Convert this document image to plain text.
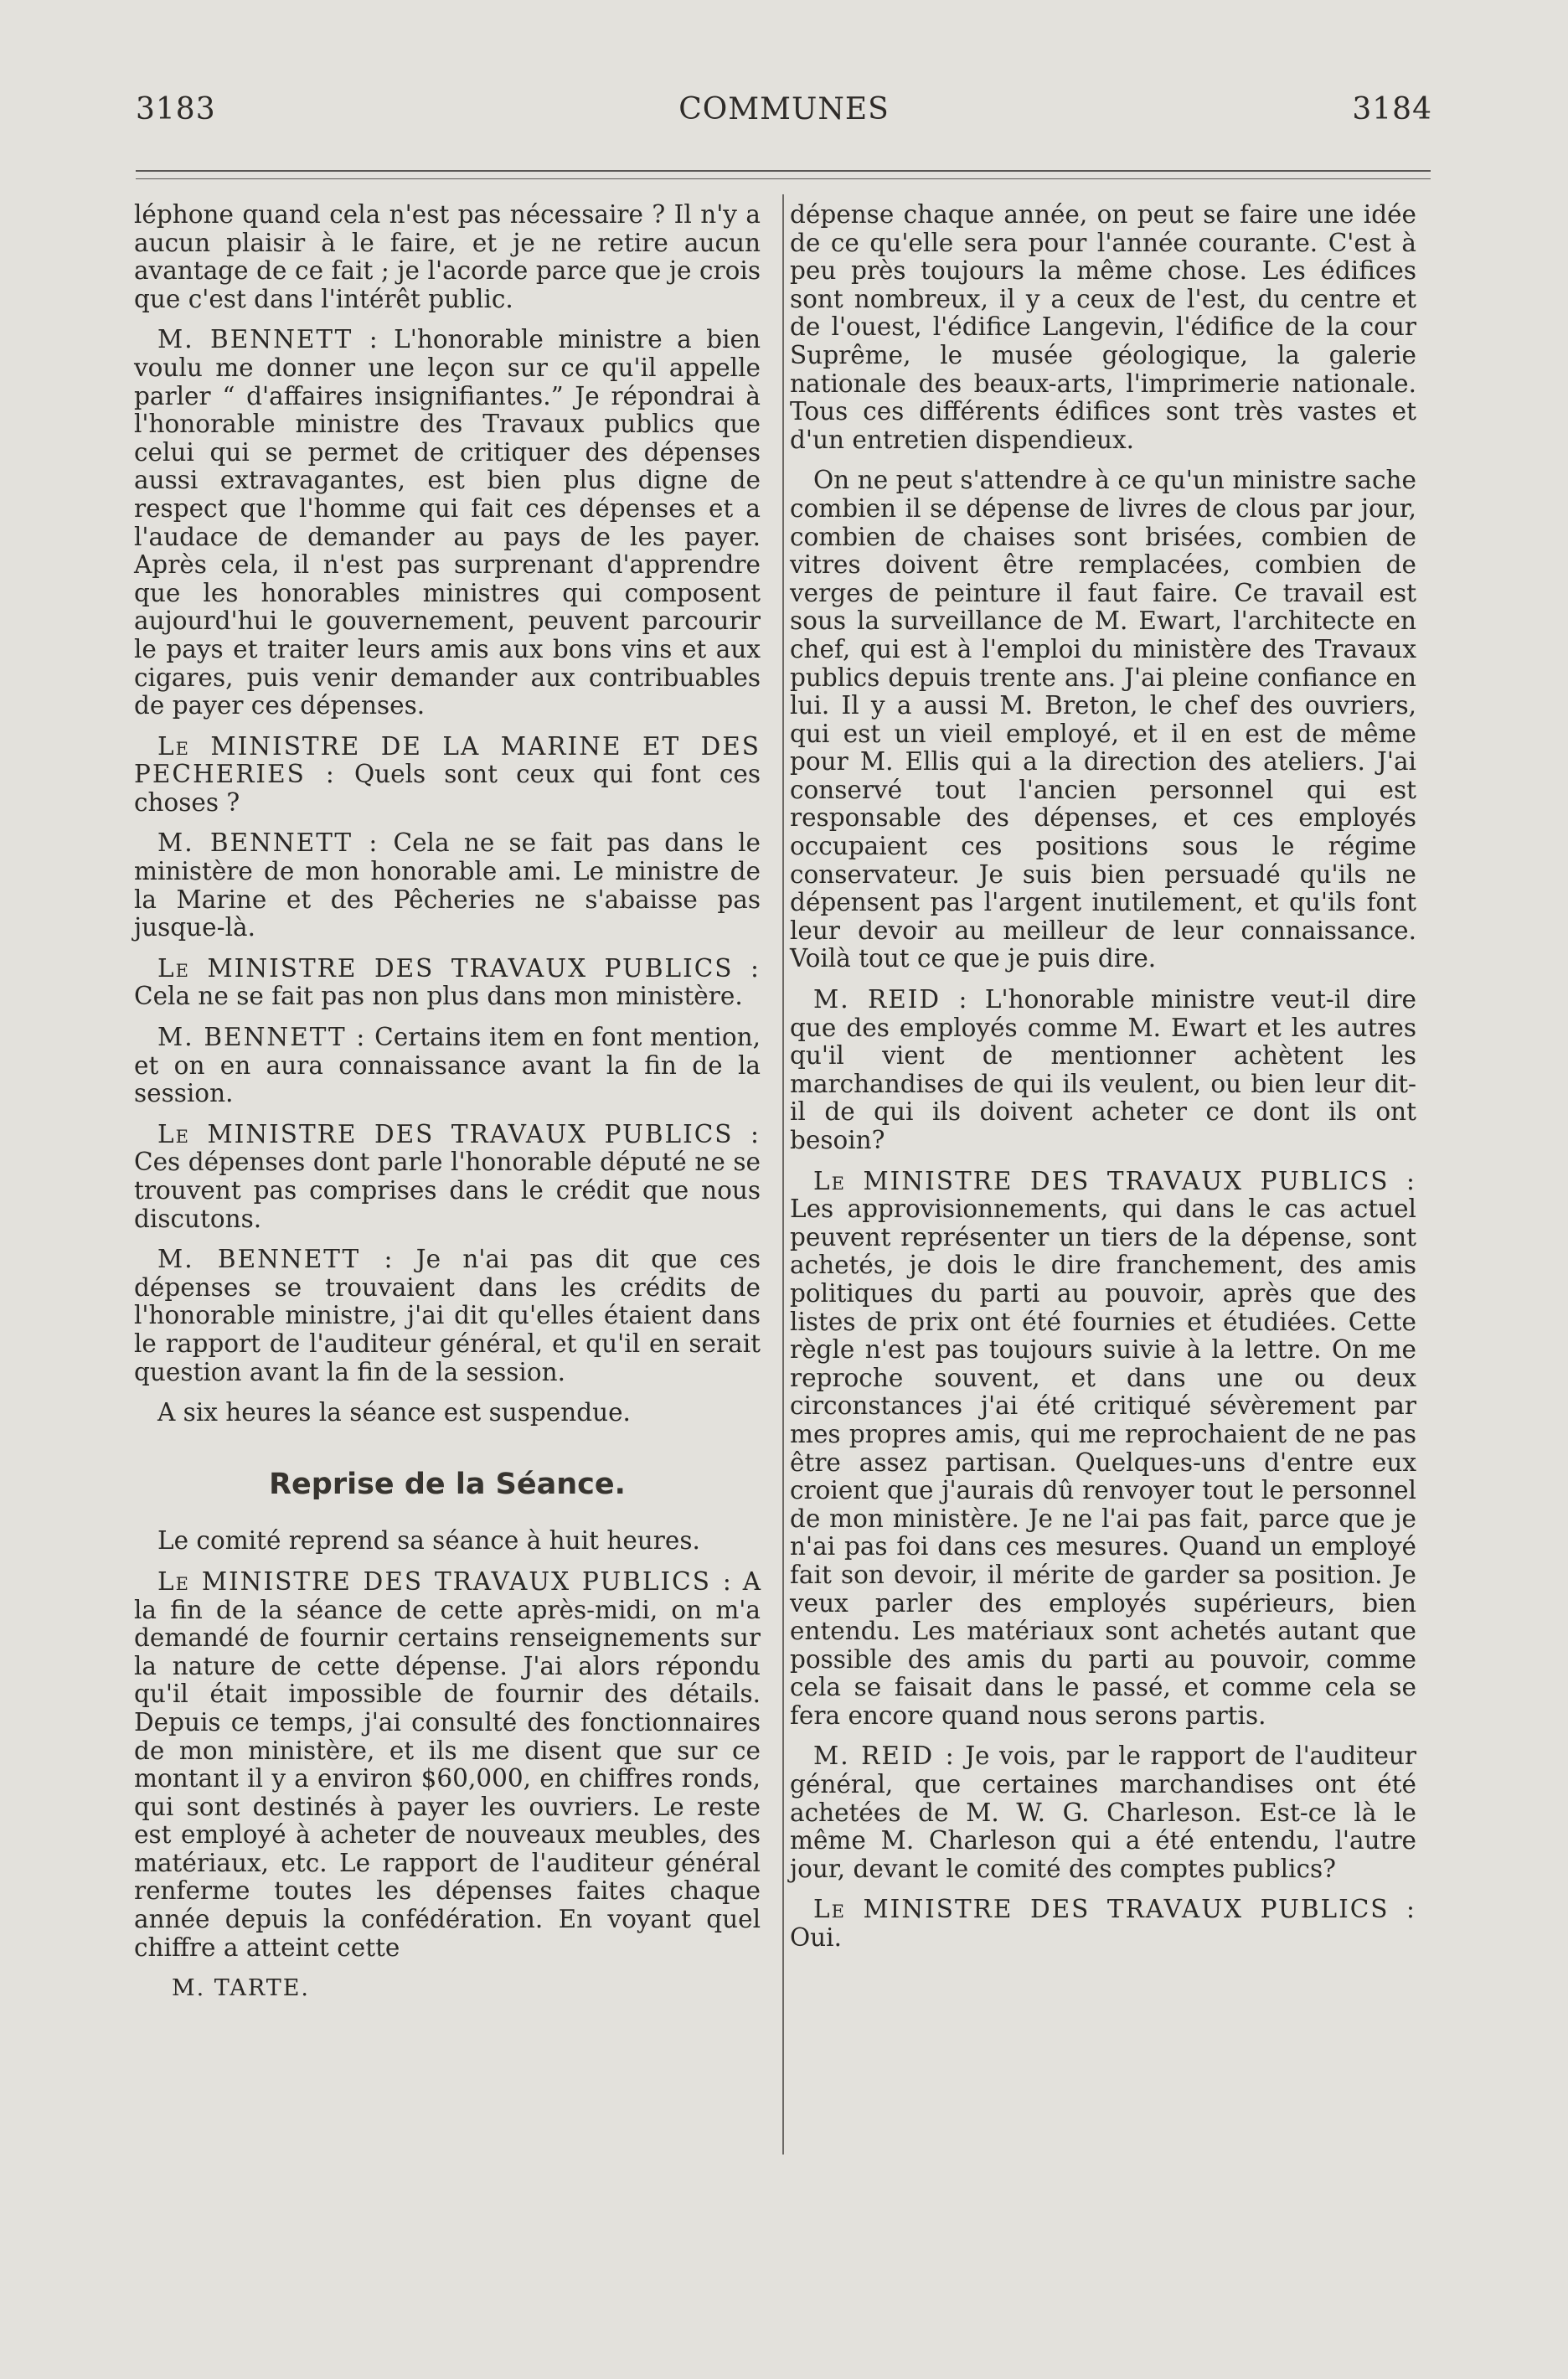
3183	COMMUNES	3184

léphone quand cela n'est pas nécessaire ? Il n'y a aucun plaisir à le faire, et je ne retire aucun avantage de ce fait ; je l'acorde parce que je crois que c'est dans l'intérêt public.

M. BENNETT : L'honorable ministre a bien voulu me donner une leçon sur ce qu'il appelle parler “ d'affaires insignifiantes.” Je répondrai à l'honorable ministre des Travaux publics que celui qui se permet de critiquer des dépenses aussi extravagantes, est bien plus digne de respect que l'homme qui fait ces dépenses et a l'audace de demander au pays de les payer. Après cela, il n'est pas surprenant d'apprendre que les honorables ministres qui composent aujourd'hui le gouvernement, peuvent parcourir le pays et traiter leurs amis aux bons vins et aux cigares, puis venir demander aux contribuables de payer ces dépenses.

Le MINISTRE DE LA MARINE ET DES PECHERIES : Quels sont ceux qui font ces choses ?

M. BENNETT : Cela ne se fait pas dans le ministère de mon honorable ami. Le ministre de la Marine et des Pêcheries ne s'abaisse pas jusque-là.

Le MINISTRE DES TRAVAUX PUBLICS : Cela ne se fait pas non plus dans mon ministère.

M. BENNETT : Certains item en font mention, et on en aura connaissance avant la fin de la session.

Le MINISTRE DES TRAVAUX PUBLICS : Ces dépenses dont parle l'honorable député ne se trouvent pas comprises dans le crédit que nous discutons.

M. BENNETT : Je n'ai pas dit que ces dépenses se trouvaient dans les crédits de l'honorable ministre, j'ai dit qu'elles étaient dans le rapport de l'auditeur général, et qu'il en serait question avant la fin de la session.

A six heures la séance est suspendue.

Reprise de la Séance.

Le comité reprend sa séance à huit heures.

Le MINISTRE DES TRAVAUX PUBLICS : A la fin de la séance de cette après-midi, on m'a demandé de fournir certains renseignements sur la nature de cette dépense. J'ai alors répondu qu'il était impossible de fournir des détails. Depuis ce temps, j'ai consulté des fonctionnaires de mon ministère, et ils me disent que sur ce montant il y a environ $60,000, en chiffres ronds, qui sont destinés à payer les ouvriers. Le reste est employé à acheter de nouveaux meubles, des matériaux, etc. Le rapport de l'auditeur général renferme toutes les dépenses faites chaque année depuis la confédération. En voyant quel chiffre a atteint cette

M. TARTE.

dépense chaque année, on peut se faire une idée de ce qu'elle sera pour l'année courante. C'est à peu près toujours la même chose. Les édifices sont nombreux, il y a ceux de l'est, du centre et de l'ouest, l'édifice Langevin, l'édifice de la cour Suprême, le musée géologique, la galerie nationale des beaux-arts, l'imprimerie nationale. Tous ces différents édifices sont très vastes et d'un entretien dispendieux.

On ne peut s'attendre à ce qu'un ministre sache combien il se dépense de livres de clous par jour, combien de chaises sont brisées, combien de vitres doivent être remplacées, combien de verges de peinture il faut faire. Ce travail est sous la surveillance de M. Ewart, l'architecte en chef, qui est à l'emploi du ministère des Travaux publics depuis trente ans. J'ai pleine confiance en lui. Il y a aussi M. Breton, le chef des ouvriers, qui est un vieil employé, et il en est de même pour M. Ellis qui a la direction des ateliers. J'ai conservé tout l'ancien personnel qui est responsable des dépenses, et ces employés occupaient ces positions sous le régime conservateur. Je suis bien persuadé qu'ils ne dépensent pas l'argent inutilement, et qu'ils font leur devoir au meilleur de leur connaissance. Voilà tout ce que je puis dire.

M. REID : L'honorable ministre veut-il dire que des employés comme M. Ewart et les autres qu'il vient de mentionner achètent les marchandises de qui ils veulent, ou bien leur dit-il de qui ils doivent acheter ce dont ils ont besoin?

Le MINISTRE DES TRAVAUX PUBLICS : Les approvisionnements, qui dans le cas actuel peuvent représenter un tiers de la dépense, sont achetés, je dois le dire franchement, des amis politiques du parti au pouvoir, après que des listes de prix ont été fournies et étudiées. Cette règle n'est pas toujours suivie à la lettre. On me reproche souvent, et dans une ou deux circonstances j'ai été critiqué sévèrement par mes propres amis, qui me reprochaient de ne pas être assez partisan. Quelques-uns d'entre eux croient que j'aurais dû renvoyer tout le personnel de mon ministère. Je ne l'ai pas fait, parce que je n'ai pas foi dans ces mesures. Quand un employé fait son devoir, il mérite de garder sa position. Je veux parler des employés supérieurs, bien entendu. Les matériaux sont achetés autant que possible des amis du parti au pouvoir, comme cela se faisait dans le passé, et comme cela se fera encore quand nous serons partis.

M. REID : Je vois, par le rapport de l'auditeur général, que certaines marchandises ont été achetées de M. W. G. Charleson. Est-ce là le même M. Charleson qui a été entendu, l'autre jour, devant le comité des comptes publics?

Le MINISTRE DES TRAVAUX PUBLICS : Oui.
